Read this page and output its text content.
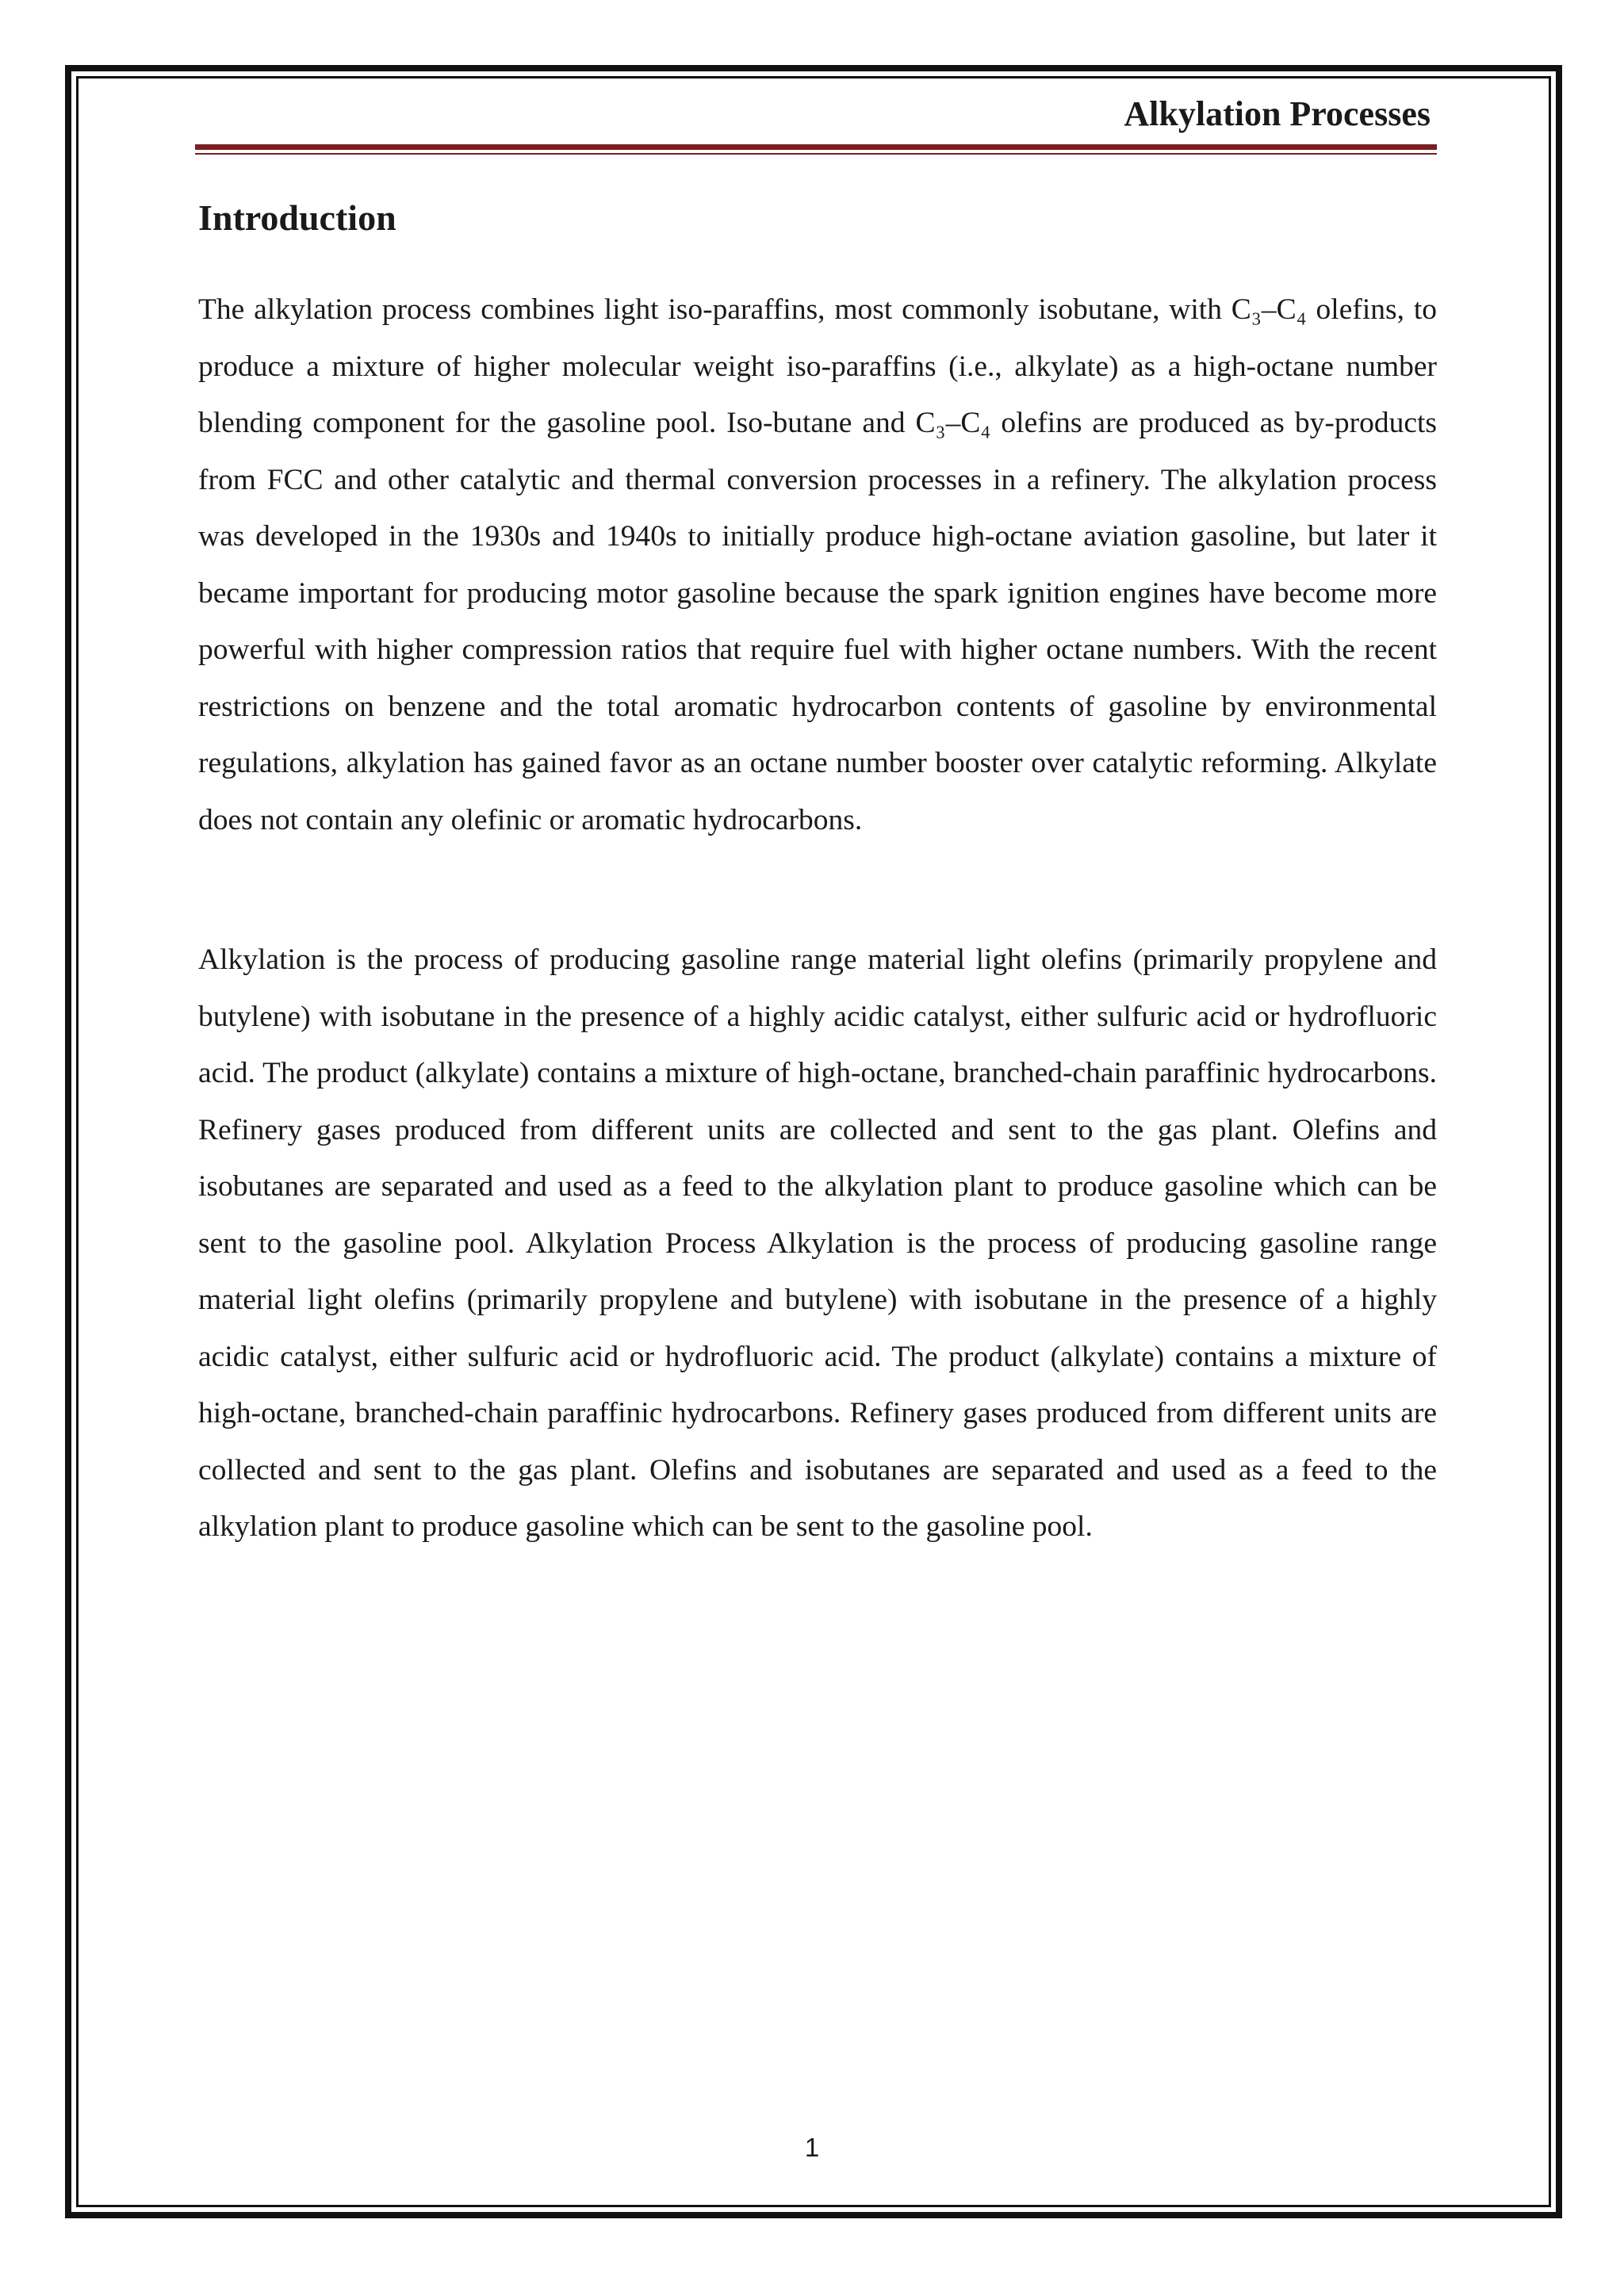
Alkylation Processes
Introduction

The alkylation process combines light iso-paraffins, most commonly isobutane, with C₃–C₄ olefins, to produce a mixture of higher molecular weight iso-paraffins (i.e., alkylate) as a high-octane number blending component for the gasoline pool. Iso-butane and C₃–C₄ olefins are produced as by-products from FCC and other catalytic and thermal conversion processes in a refinery. The alkylation process was developed in the 1930s and 1940s to initially produce high-octane aviation gasoline, but later it became important for producing motor gasoline because the spark ignition engines have become more powerful with higher compression ratios that require fuel with higher octane numbers. With the recent restrictions on benzene and the total aromatic hydrocarbon contents of gasoline by environmental regulations, alkylation has gained favor as an octane number booster over catalytic reforming. Alkylate does not contain any olefinic or aromatic hydrocarbons.

Alkylation is the process of producing gasoline range material light olefins (primarily propylene and butylene) with isobutane in the presence of a highly acidic catalyst, either sulfuric acid or hydrofluoric acid. The product (alkylate) contains a mixture of high-octane, branched-chain paraffinic hydrocarbons. Refinery gases produced from different units are collected and sent to the gas plant. Olefins and isobutanes are separated and used as a feed to the alkylation plant to produce gasoline which can be sent to the gasoline pool. Alkylation Process Alkylation is the process of producing gasoline range material light olefins (primarily propylene and butylene) with isobutane in the presence of a highly acidic catalyst, either sulfuric acid or hydrofluoric acid. The product (alkylate) contains a mixture of high-octane, branched-chain paraffinic hydrocarbons. Refinery gases produced from different units are collected and sent to the gas plant. Olefins and isobutanes are separated and used as a feed to the alkylation plant to produce gasoline which can be sent to the gasoline pool.

1
